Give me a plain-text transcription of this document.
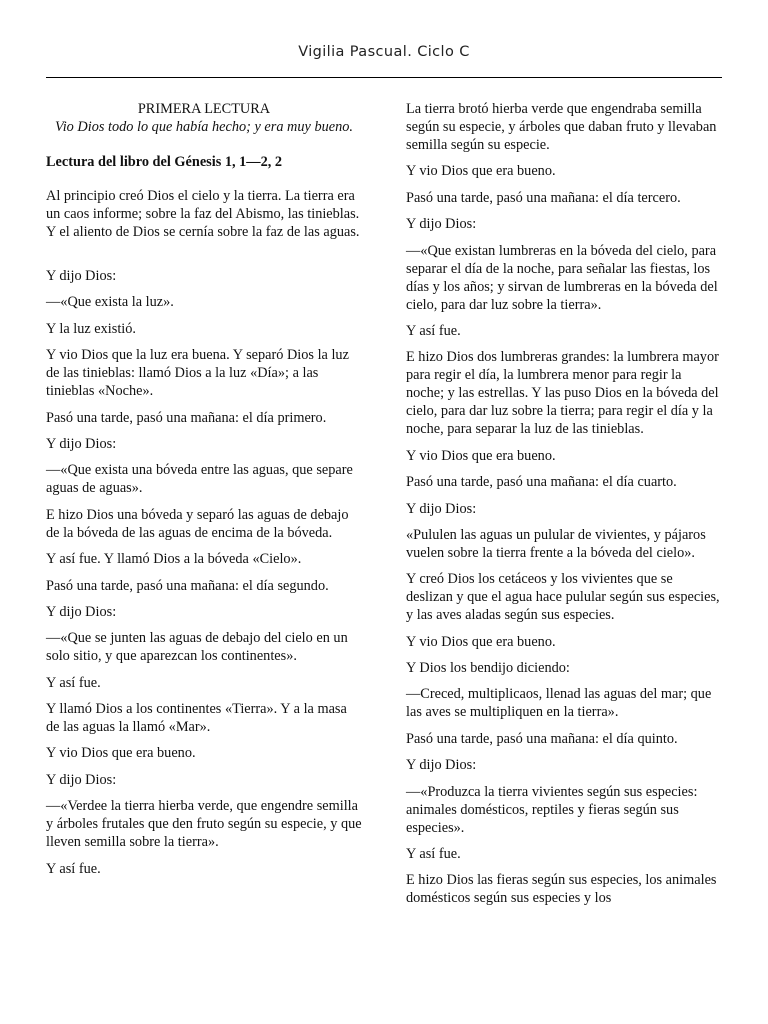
Vigilia Pascual. Ciclo C

PRIMERA LECTURA

Vio Dios todo lo que había hecho; y era muy bueno.

Lectura del libro del Génesis 1, 1—2, 2

Al principio creó Dios el cielo y la tierra. La tierra era un caos informe; sobre la faz del Abismo, las tinieblas. Y el aliento de Dios se cernía sobre la faz de las aguas.

Y dijo Dios:

—«Que exista la luz».

Y la luz existió.

Y vio Dios que la luz era buena. Y separó Dios la luz de las tinieblas: llamó Dios a la luz «Día»; a las tinieblas «Noche».

Pasó una tarde, pasó una mañana: el día primero.

Y dijo Dios:

—«Que exista una bóveda entre las aguas, que separe aguas de aguas».

E hizo Dios una bóveda y separó las aguas de debajo de la bóveda de las aguas de encima de la bóveda.

Y así fue. Y llamó Dios a la bóveda «Cielo».

Pasó una tarde, pasó una mañana: el día segundo.

Y dijo Dios:

—«Que se junten las aguas de debajo del cielo en un solo sitio, y que aparezcan los continentes».

Y así fue.

Y llamó Dios a los continentes «Tierra». Y a la masa de las aguas la llamó «Mar».

Y vio Dios que era bueno.

Y dijo Dios:

—«Verdee la tierra hierba verde, que engendre semilla y árboles frutales que den fruto según su especie, y que lleven semilla sobre la tierra».

Y así fue.

La tierra brotó hierba verde que engendraba semilla según su especie, y árboles que daban fruto y llevaban semilla según su especie.

Y vio Dios que era bueno.

Pasó una tarde, pasó una mañana: el día tercero.

Y dijo Dios:

—«Que existan lumbreras en la bóveda del cielo, para separar el día de la noche, para señalar las fiestas, los días y los años; y sirvan de lumbreras en la bóveda del cielo, para dar luz sobre la tierra».

Y así fue.

E hizo Dios dos lumbreras grandes: la lumbrera mayor para regir el día, la lumbrera menor para regir la noche; y las estrellas. Y las puso Dios en la bóveda del cielo, para dar luz sobre la tierra; para regir el día y la noche, para separar la luz de las tinieblas.

Y vio Dios que era bueno.

Pasó una tarde, pasó una mañana: el día cuarto.

Y dijo Dios:

«Pululen las aguas un pulular de vivientes, y pájaros vuelen sobre la tierra frente a la bóveda del cielo».

Y creó Dios los cetáceos y los vivientes que se deslizan y que el agua hace pulular según sus especies, y las aves aladas según sus especies.

Y vio Dios que era bueno.

Y Dios los bendijo diciendo:

—Creced, multiplicaos, llenad las aguas del mar; que las aves se multipliquen en la tierra».

Pasó una tarde, pasó una mañana: el día quinto.

Y dijo Dios:

—«Produzca la tierra vivientes según sus especies: animales domésticos, reptiles y fieras según sus especies».

Y así fue.

E hizo Dios las fieras según sus especies, los animales domésticos según sus especies y los
